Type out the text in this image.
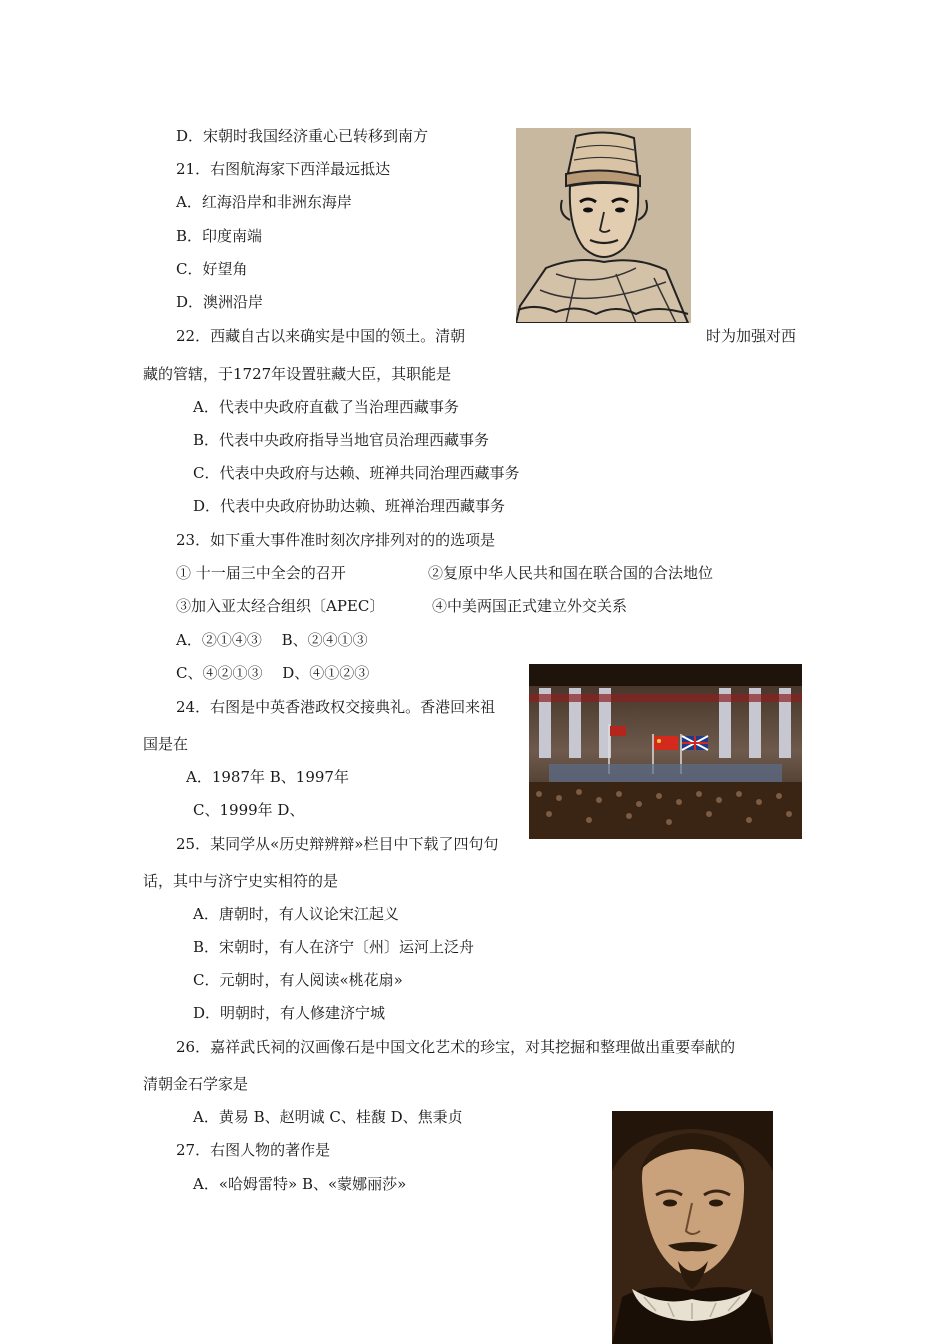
D．宋朝时我国经济重心已转移到南方
21．右图航海家下西洋最远抵达
A．红海沿岸和非洲东海岸
B．印度南端
C．好望角
D．澳洲沿岸
22．西藏自古以来确实是中国的领土。清朝	时为加强对西
藏的管辖，于1727年设置驻藏大臣，其职能是
A．代表中央政府直截了当治理西藏事务
B．代表中央政府指导当地官员治理西藏事务
C．代表中央政府与达赖、班禅共同治理西藏事务
D．代表中央政府协助达赖、班禅治理西藏事务
23．如下重大事件准时刻次序排列对的的选项是
① 十一届三中全会的召开	②复原中华人民共和国在联合国的合法地位
③加入亚太经合组织〔APEC〕	④中美两国正式建立外交关系
A．②①④③　 B、②④①③
C、④②①③　 D、④①②③
24．右图是中英香港政权交接典礼。香港回来祖
国是在
A．1987年 B、1997年
C、1999年 D、
25．某同学从«历史辩辨辩»栏目中下载了四句句
话，其中与济宁史实相符的是
A．唐朝时，有人议论宋江起义
B．宋朝时，有人在济宁〔州〕运河上泛舟
C．元朝时，有人阅读«桃花扇»
D．明朝时，有人修建济宁城
26．嘉祥武氏祠的汉画像石是中国文化艺术的珍宝，对其挖掘和整理做出重要奉献的
清朝金石学家是
A．黄易 B、赵明诚 C、桂馥 D、焦秉贞
27．右图人物的著作是
A．«哈姆雷特» B、«蒙娜丽莎»
